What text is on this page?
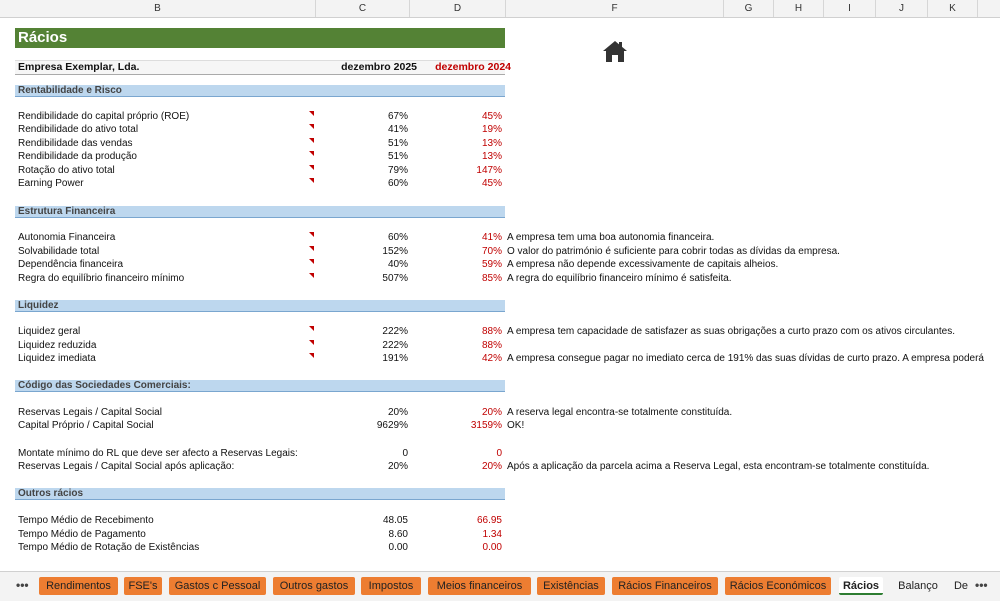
B	C	D	F	G	H	I	J	K
Rácios
Empresa Exemplar, Lda.	dezembro 2025	dezembro 2024
Rentabilidade e Risco
Rendibilidade do capital próprio (ROE)	67%	45%
Rendibilidade do ativo total	41%	19%
Rendibilidade das vendas	51%	13%
Rendibilidade da produção	51%	13%
Rotação do ativo total	79%	147%
Earning Power	60%	45%
Estrutura Financeira
Autonomia Financeira	60%	41% A empresa tem uma boa autonomia financeira.
Solvabilidade total	152%	70% O valor do património é suficiente para cobrir todas as dívidas da empresa.
Dependência financeira	40%	59% A empresa não depende excessivamente de capitais alheios.
Regra do equilíbrio financeiro mínimo	507%	85% A regra do equilíbrio financeiro mínimo é satisfeita.
Liquidez
Liquidez geral	222%	88% A empresa tem capacidade de satisfazer as suas obrigações a curto prazo com os ativos circulantes.
Liquidez reduzida	222%	88%
Liquidez imediata	191%	42% A empresa consegue pagar no imediato cerca de 191% das suas dívidas de curto prazo. A empresa poderá
Código das Sociedades Comerciais:
Reservas Legais / Capital Social	20%	20% A reserva legal encontra-se totalmente constituída.
Capital Próprio / Capital Social	9629%	3159% OK!
Montate mínimo do RL que deve ser afecto a Reservas Legais:	0	0
Reservas Legais / Capital Social após aplicação:	20%	20% Após a aplicação da parcela acima a Reserva Legal, esta encontram-se totalmente constituída.
Outros rácios
Tempo Médio de Recebimento	48.05	66.95
Tempo Médio de Pagamento	8.60	1.34
Tempo Médio de Rotação de Existências	0.00	0.00
•••	Rendimentos	FSE's	Gastos c Pessoal	Outros gastos	Impostos	Meios financeiros	Existências	Rácios Financeiros	Rácios Económicos	Rácios	Balanço	De •••
